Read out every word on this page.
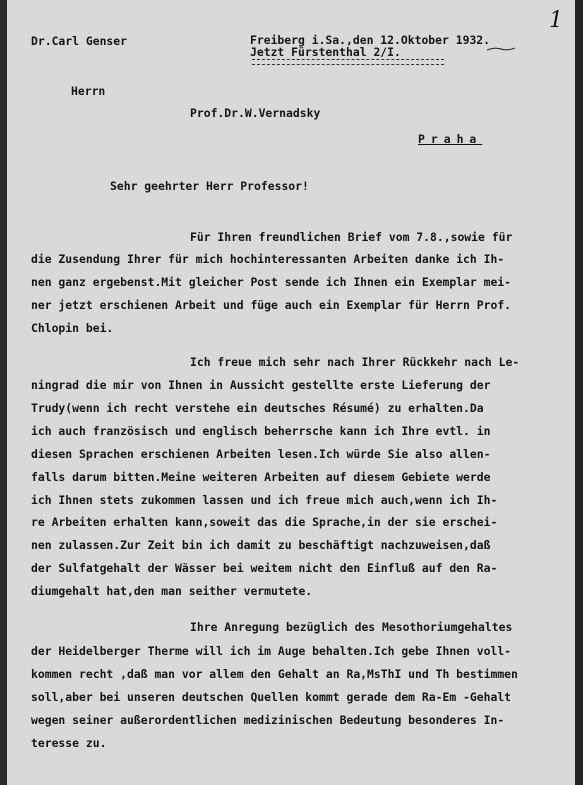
Dr.Carl Genser	Freiberg i.Sa.,den 12.Oktober 1932.
Jetzt Fürstenthal 2/I.
1
Herrn
Prof.Dr.W.Vernadsky
Praha
Sehr geehrter Herr Professor!
Für Ihren freundlichen Brief vom 7.8.,sowie für
die Zusendung Ihrer für mich hochinteressanten Arbeiten danke ich Ih-
nen ganz ergebenst.Mit gleicher Post sende ich Ihnen ein Exemplar mei-
ner jetzt erschienen Arbeit und füge auch ein Exemplar für Herrn Prof.
Chlopin bei.
Ich freue mich sehr nach Ihrer Rückkehr nach Le-
ningrad die mir von Ihnen in Aussicht gestellte erste Lieferung der
Trudy(wenn ich recht verstehe ein deutsches Résumé) zu erhalten.Da
ich auch französisch und englisch beherrsche kann ich Ihre evtl. in
diesen Sprachen erschienen Arbeiten lesen.Ich würde Sie also allen-
falls darum bitten.Meine weiteren Arbeiten auf diesem Gebiete werde
ich Ihnen stets zukommen lassen und ich freue mich auch,wenn ich Ih-
re Arbeiten erhalten kann,soweit das die Sprache,in der sie erschei-
nen zulassen.Zur Zeit bin ich damit zu beschäftigt nachzuweisen,daß
der Sulfatgehalt der Wässer bei weitem nicht den Einfluß auf den Ra-
diumgehalt hat,den man seither vermutete.
Ihre Anregung bezüglich des Mesothoriumgehaltes
der Heidelberger Therme will ich im Auge behalten.Ich gebe Ihnen voll-
kommen recht ,daß man vor allem den Gehalt an Ra,MsThI und Th bestimmen
soll,aber bei unseren deutschen Quellen kommt gerade dem Ra-Em -Gehalt
wegen seiner außerordentlichen medizinischen Bedeutung besonderes In-
teresse zu.
